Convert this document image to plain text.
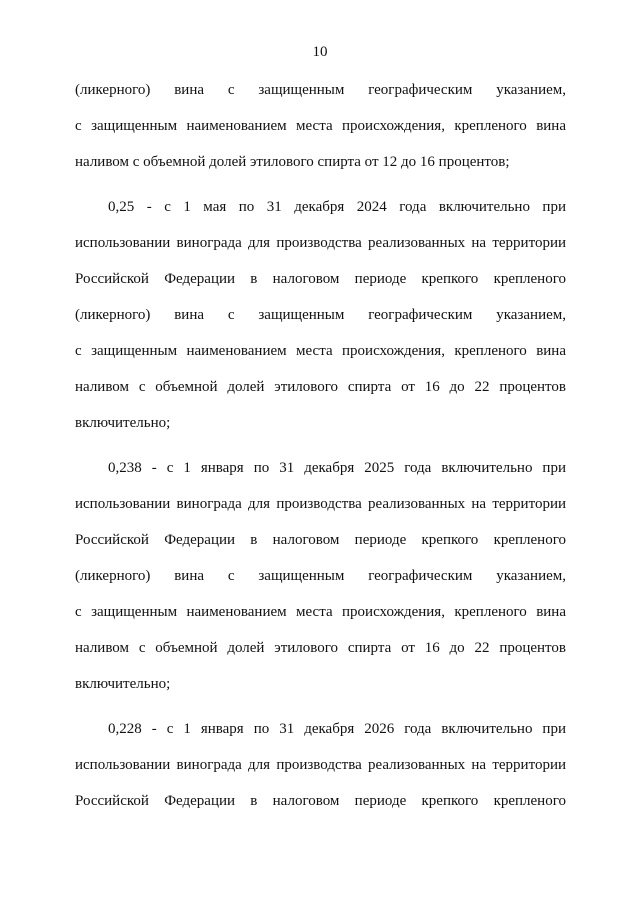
10
(ликерного) вина с защищенным географическим указанием,
с защищенным наименованием места происхождения, крепленого вина
наливом с объемной долей этилового спирта от 12 до 16 процентов;
0,25 - с 1 мая по 31 декабря 2024 года включительно при
использовании винограда для производства реализованных на территории
Российской Федерации в налоговом периоде крепкого крепленого
(ликерного) вина с защищенным географическим указанием,
с защищенным наименованием места происхождения, крепленого вина
наливом с объемной долей этилового спирта от 16 до 22 процентов
включительно;
0,238 - с 1 января по 31 декабря 2025 года включительно при
использовании винограда для производства реализованных на территории
Российской Федерации в налоговом периоде крепкого крепленого
(ликерного) вина с защищенным географическим указанием,
с защищенным наименованием места происхождения, крепленого вина
наливом с объемной долей этилового спирта от 16 до 22 процентов
включительно;
0,228 - с 1 января по 31 декабря 2026 года включительно при
использовании винограда для производства реализованных на территории
Российской Федерации в налоговом периоде крепкого крепленого
